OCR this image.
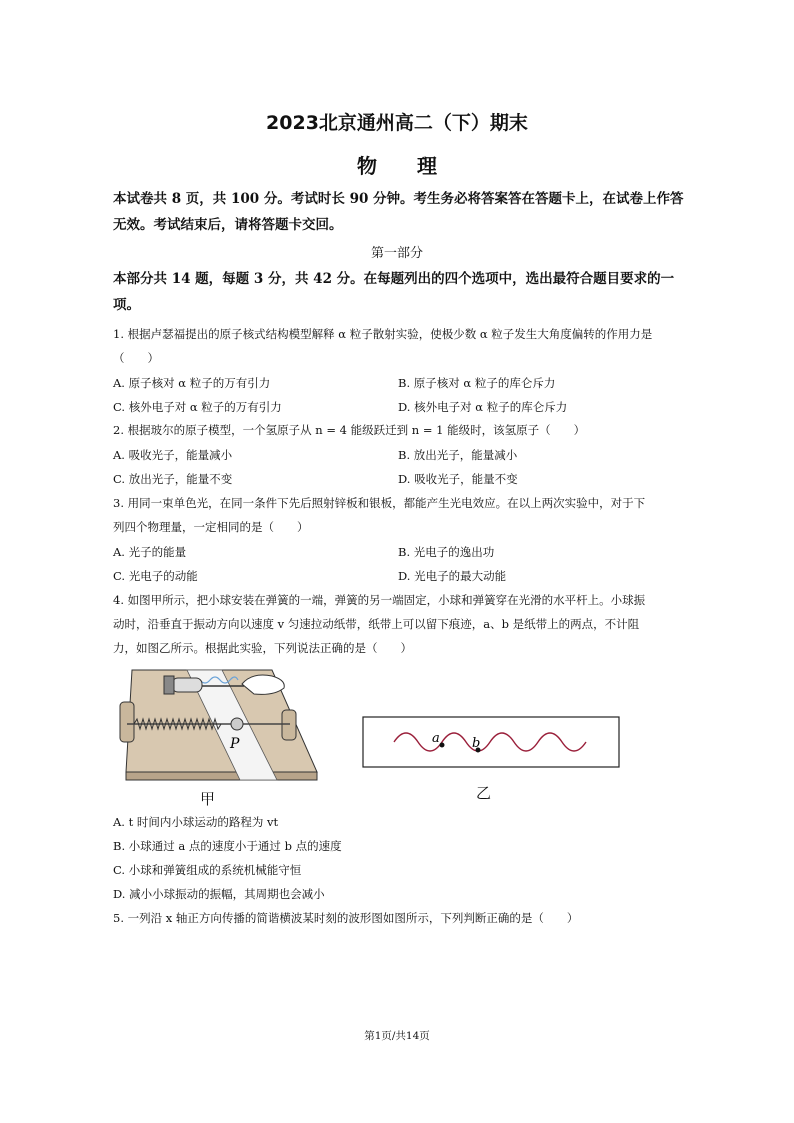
2023北京通州高二（下）期末
物理
本试卷共 8 页，共 100 分。考试时长 90 分钟。考生务必将答案答在答题卡上，在试卷上作答
无效。考试结束后，请将答题卡交回。
第一部分
本部分共 14 题，每题 3 分，共 42 分。在每题列出的四个选项中，选出最符合题目要求的一
项。
1. 根据卢瑟福提出的原子核式结构模型解释 α 粒子散射实验，使极少数 α 粒子发生大角度偏转的作用力是
（　　）
A. 原子核对 α 粒子的万有引力	B. 原子核对 α 粒子的库仑斥力
C. 核外电子对 α 粒子的万有引力	D. 核外电子对 α 粒子的库仑斥力
2. 根据玻尔的原子模型，一个氢原子从 n = 4 能级跃迁到 n = 1 能级时，该氢原子（　　）
A. 吸收光子，能量减小	B. 放出光子，能量减小
C. 放出光子，能量不变	D. 吸收光子，能量不变
3. 用同一束单色光，在同一条件下先后照射锌板和银板，都能产生光电效应。在以上两次实验中，对于下
列四个物理量，一定相同的是（　　）
A. 光子的能量	B. 光电子的逸出功
C. 光电子的动能	D. 光电子的最大动能
4. 如图甲所示，把小球安装在弹簧的一端，弹簧的另一端固定，小球和弹簧穿在光滑的水平杆上。小球振
动时，沿垂直于振动方向以速度 v 匀速拉动纸带，纸带上可以留下痕迹，a、b 是纸带上的两点，不计阻
力，如图乙所示。根据此实验，下列说法正确的是（　　）
P
甲
a b
乙
A. t 时间内小球运动的路程为 vt
B. 小球通过 a 点的速度小于通过 b 点的速度
C. 小球和弹簧组成的系统机械能守恒
D. 减小小球振动的振幅，其周期也会减小
5. 一列沿 x 轴正方向传播的简谐横波某时刻的波形图如图所示，下列判断正确的是（　　）
第1页/共14页
